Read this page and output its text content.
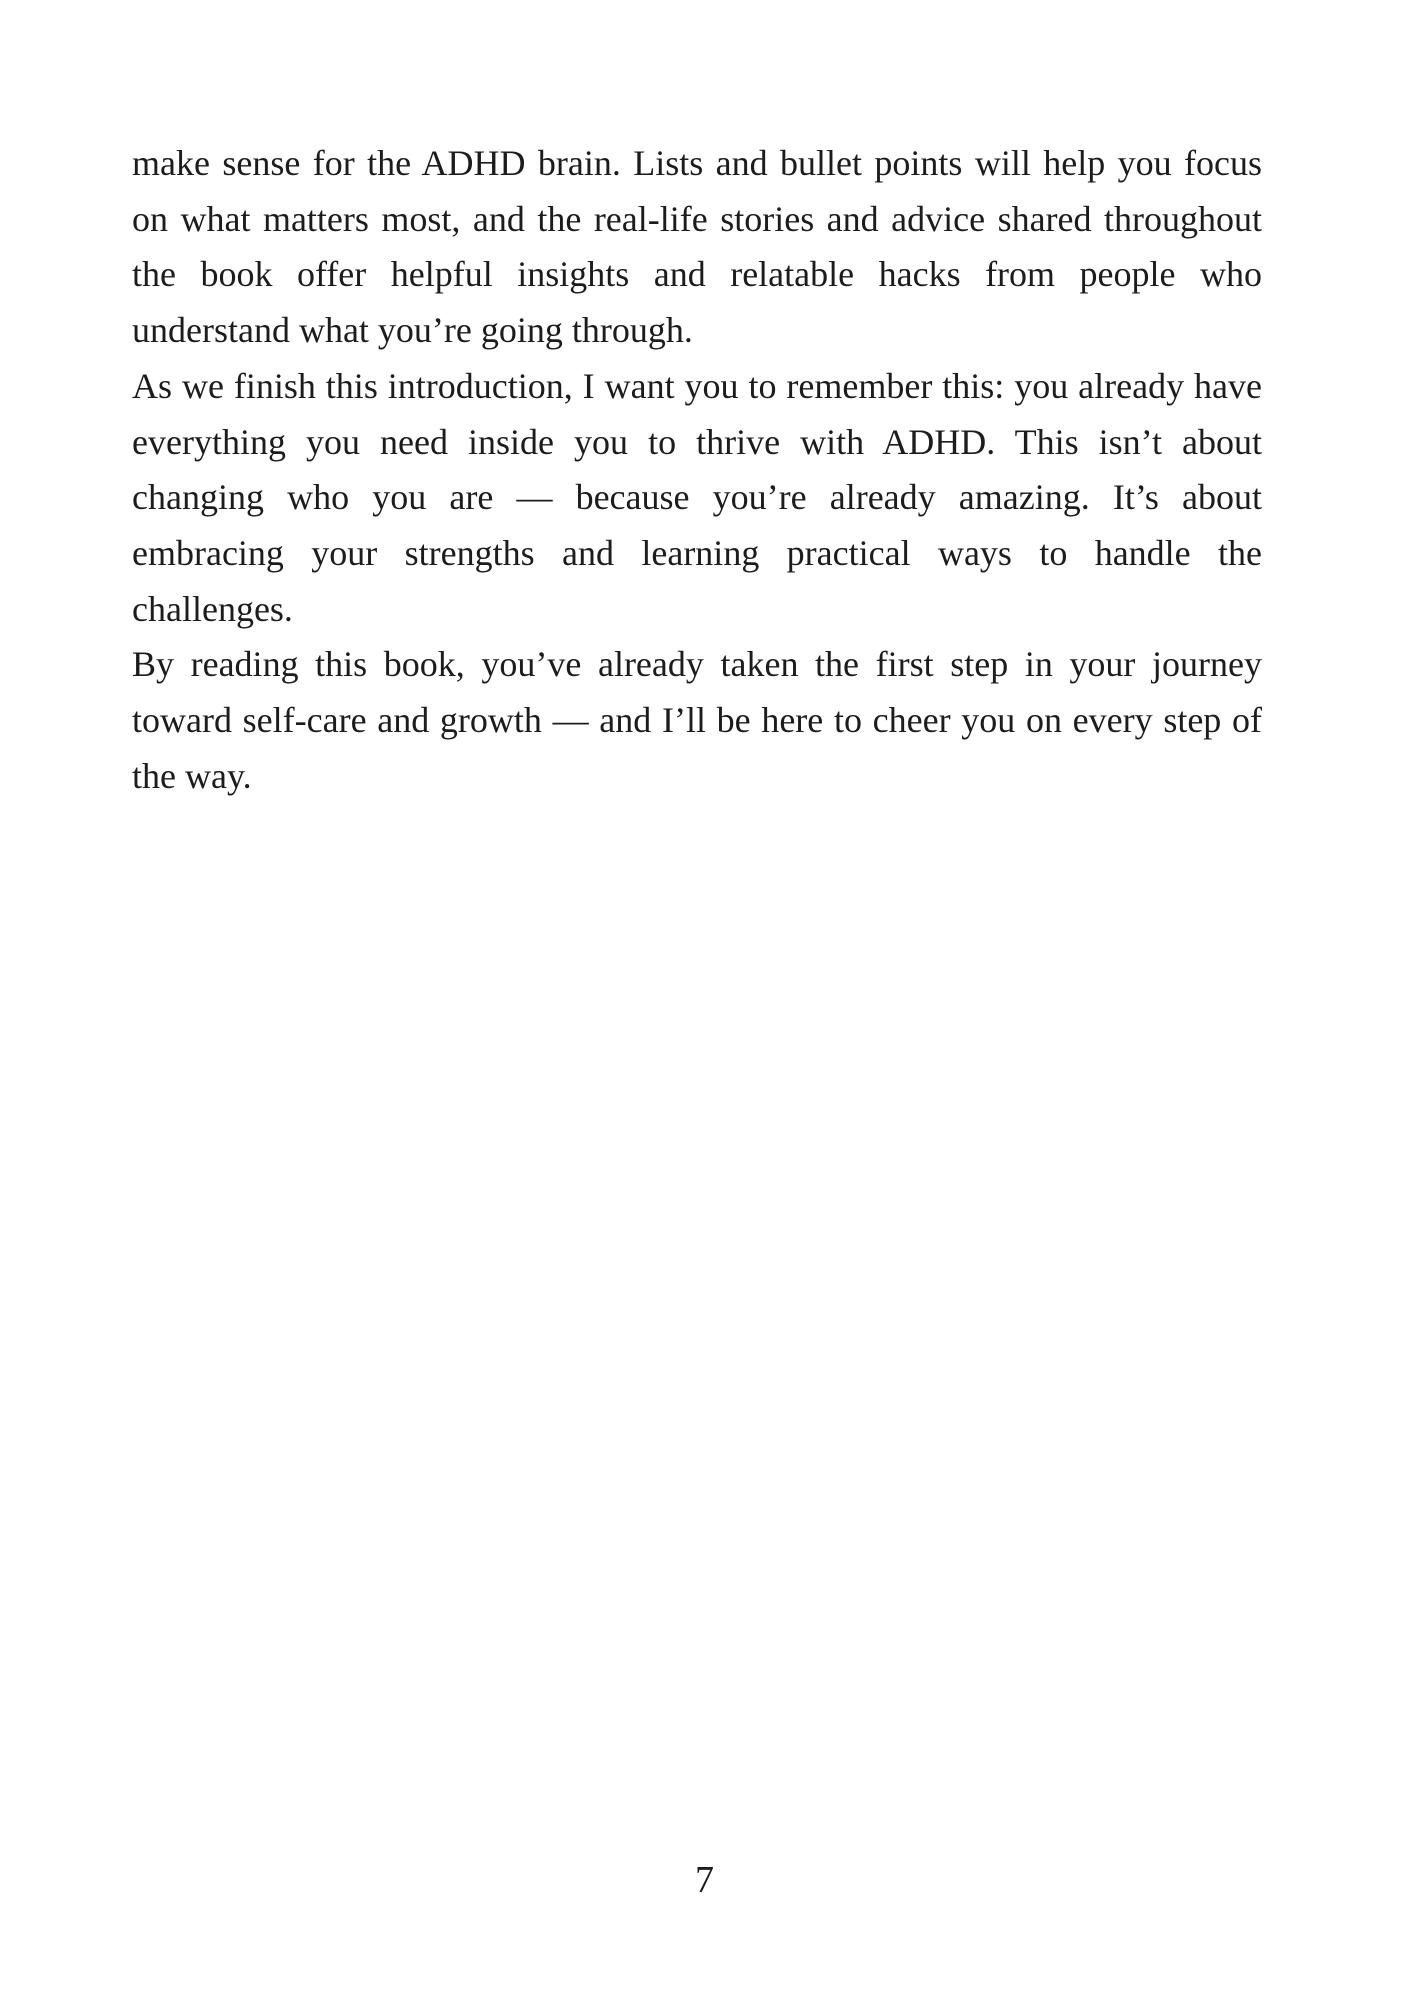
make sense for the ADHD brain. Lists and bullet points will help you focus on what matters most, and the real-life stories and advice shared throughout the book offer helpful insights and relatable hacks from people who understand what you’re going through.

As we finish this introduction, I want you to remember this: you already have everything you need inside you to thrive with ADHD. This isn’t about changing who you are — because you’re already amazing. It’s about embracing your strengths and learning practical ways to handle the challenges.

By reading this book, you’ve already taken the first step in your journey toward self-care and growth — and I’ll be here to cheer you on every step of the way.

7
